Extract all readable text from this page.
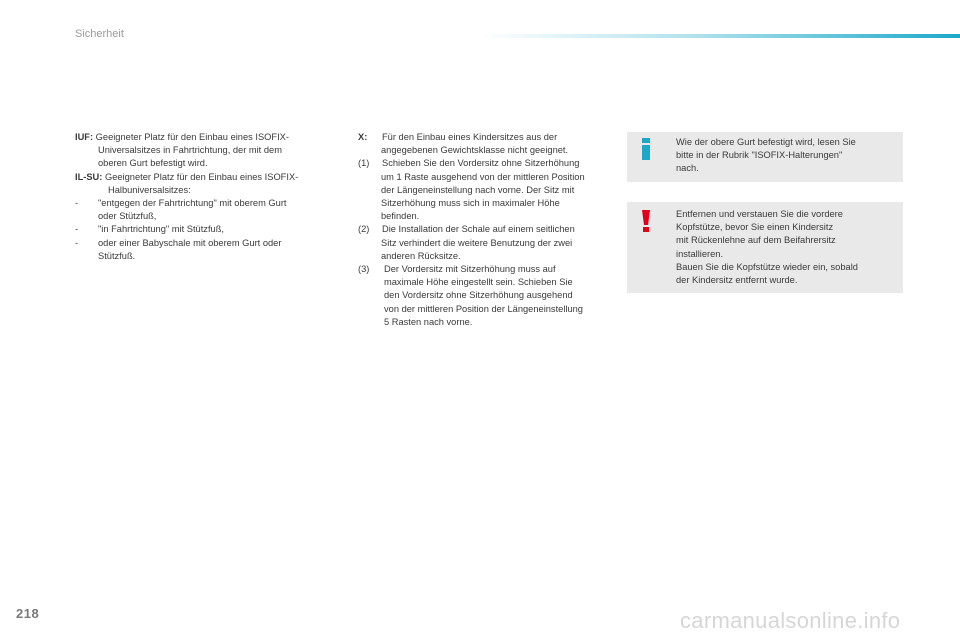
Sicherheit
IUF: Geeigneter Platz für den Einbau eines ISOFIX-
Universalsitzes in Fahrtrichtung, der mit dem
oberen Gurt befestigt wird.
IL-SU: Geeigneter Platz für den Einbau eines ISOFIX-
Halbuniversalsitzes:
- "entgegen der Fahrtrichtung" mit oberem Gurt
oder Stützfuß,
- "in Fahrtrichtung" mit Stützfuß,
- oder einer Babyschale mit oberem Gurt oder
Stützfuß.
X: Für den Einbau eines Kindersitzes aus der
angegebenen Gewichtsklasse nicht geeignet.
(1) Schieben Sie den Vordersitz ohne Sitzerhöhung
um 1 Raste ausgehend von der mittleren Position
der Längeneinstellung nach vorne. Der Sitz mit
Sitzerhöhung muss sich in maximaler Höhe
befinden.
(2) Die Installation der Schale auf einem seitlichen
Sitz verhindert die weitere Benutzung der zwei
anderen Rücksitze.
(3) Der Vordersitz mit Sitzerhöhung muss auf
maximale Höhe eingestellt sein. Schieben Sie
den Vordersitz ohne Sitzerhöhung ausgehend
von der mittleren Position der Längeneinstellung
5 Rasten nach vorne.
Wie der obere Gurt befestigt wird, lesen Sie
bitte in der Rubrik "ISOFIX-Halterungen"
nach.
Entfernen und verstauen Sie die vordere
Kopfstütze, bevor Sie einen Kindersitz
mit Rückenlehne auf dem Beifahrersitz
installieren.
Bauen Sie die Kopfstütze wieder ein, sobald
der Kindersitz entfernt wurde.
218	carmanualsonline.info
